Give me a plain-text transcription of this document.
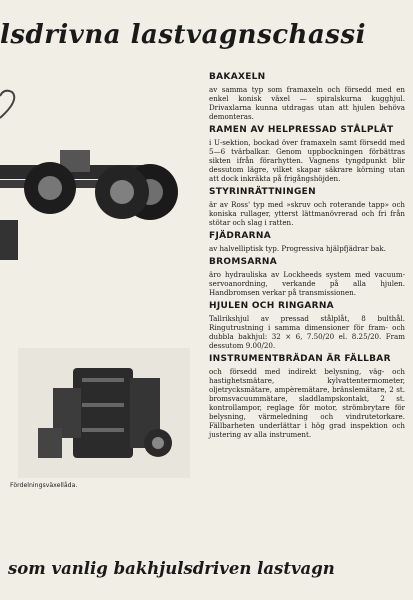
lsdrivna lastvagnschassi
Fördelningsväxellåda.
BAKAXELN

av samma typ som framaxeln och försedd med en enkel konisk växel — spiralskurna kugghjul. Drivaxlarna kunna utdragas utan att hjulen behöva demonteras.

RAMEN AV HELPRESSAD STÅLPLÅT

i U-sektion, bockad över framaxeln samt försedd med 5—6 tvärbalkar. Genom uppbockningen förbättras sikten ifrån förarhytten. Vagnens tyngdpunkt blir dessutom lägre, vilket skapar säkrare körning utan att dock inkräkta på frigångshöjden.

STYRINRÄTTNINGEN

är av Ross' typ med »skruv och roterande tapp» och koniska rullager, ytterst lättmanövrerad och fri från stötar och slag i ratten.

FJÄDRARNA

av halvelliptisk typ. Progressiva hjälpfjädrar bak.

BROMSARNA

äro hydrauliska av Lockheeds system med vacuum-servoanordning, verkande på alla hjulen. Handbromsen verkar på transmissionen.

HJULEN OCH RINGARNA

Tallrikshjul av pressad stålplåt, 8 bulthål. Ringutrustning i samma dimensioner för fram- och dubbla bakhjul: 32 × 6, 7.50/20 el. 8.25/20. Fram dessutom 9.00/20.

INSTRUMENTBRÄDAN ÄR FÄLLBAR

och försedd med indirekt belysning, väg- och hastighetsmätare, kylvattentermometer, oljetrycksmätare, ampèremätare, bränslemätare, 2 st. bromsvacuummätare, sladdlampskontakt, 2 st. kontrollampor, reglage för motor, strömbrytare för belysning, värmeledning och vindrutetorkare. Fällbarheten underlättar i hög grad inspektion och justering av alla instrument.

som vanlig bakhjulsdriven lastvagn
